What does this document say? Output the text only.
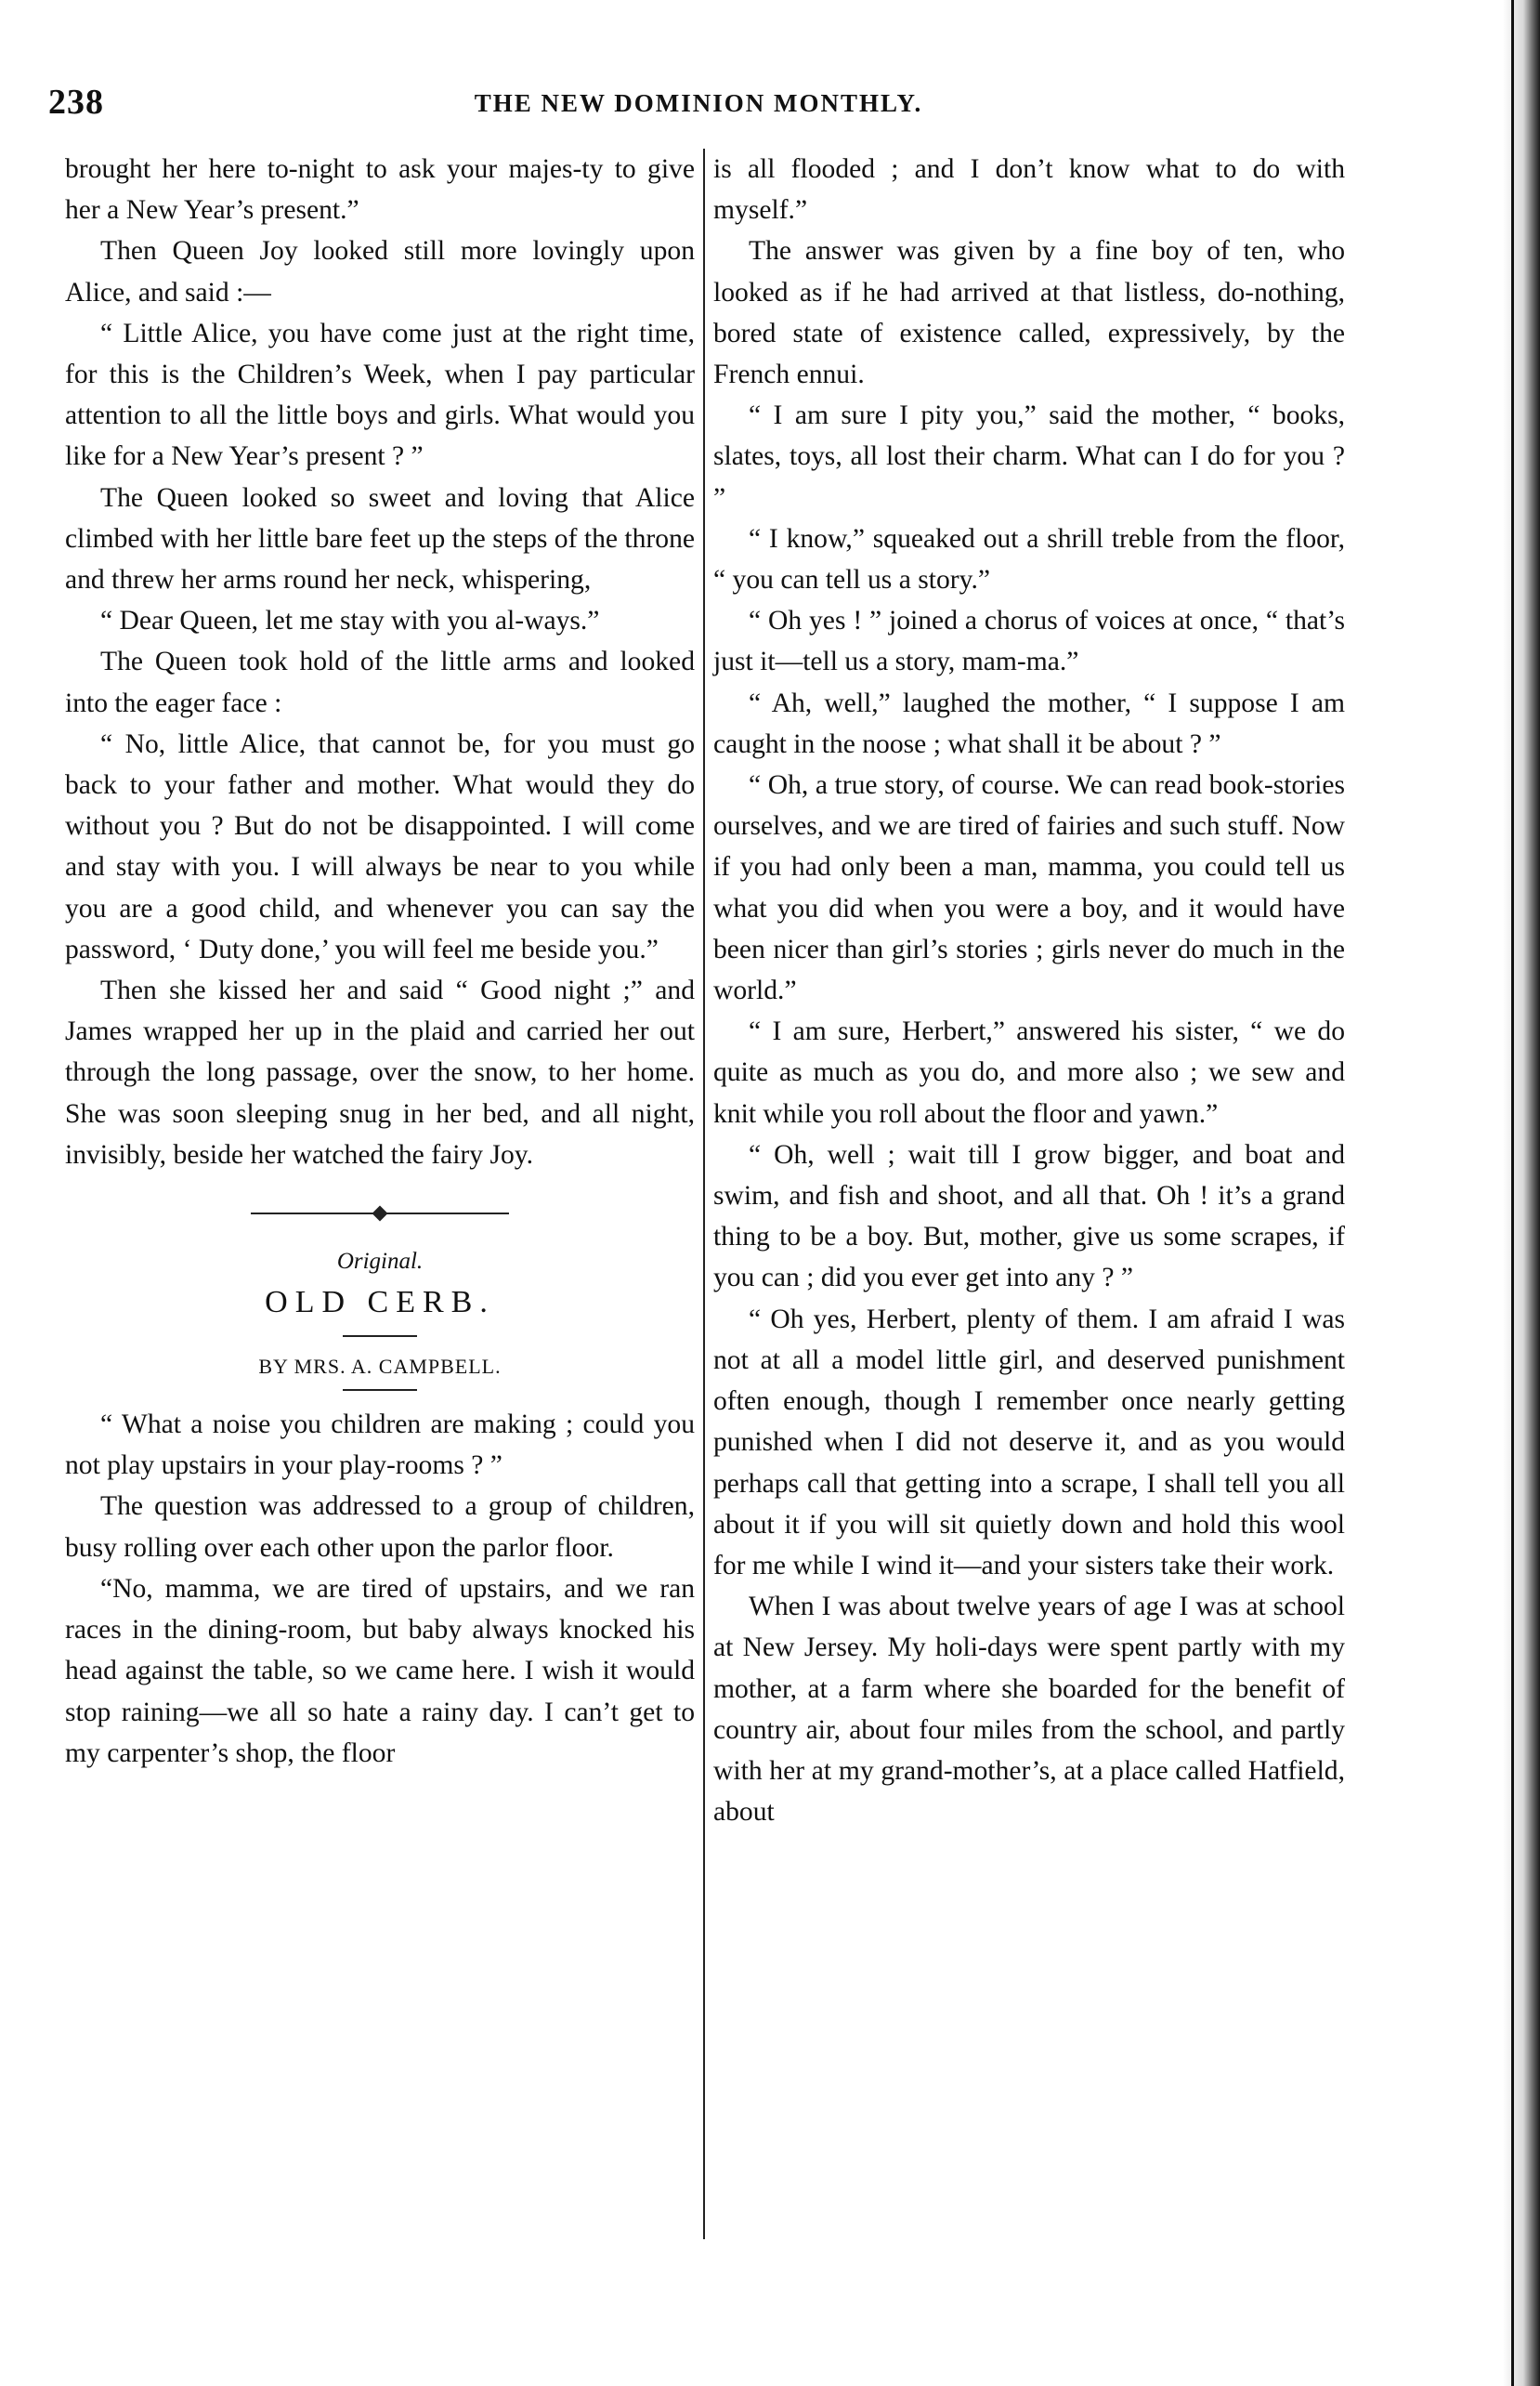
238	THE NEW DOMINION MONTHLY.

brought her here to-night to ask your majes-ty to give her a New Year’s present.”

Then Queen Joy looked still more lovingly upon Alice, and said :—

“ Little Alice, you have come just at the right time, for this is the Children’s Week, when I pay particular attention to all the little boys and girls. What would you like for a New Year’s present ? ”

The Queen looked so sweet and loving that Alice climbed with her little bare feet up the steps of the throne and threw her arms round her neck, whispering,

“ Dear Queen, let me stay with you al-ways.”

The Queen took hold of the little arms and looked into the eager face :

“ No, little Alice, that cannot be, for you must go back to your father and mother. What would they do without you ? But do not be disappointed. I will come and stay with you. I will always be near to you while you are a good child, and whenever you can say the password, ‘ Duty done,’ you will feel me beside you.”

Then she kissed her and said “ Good night ;” and James wrapped her up in the plaid and carried her out through the long passage, over the snow, to her home. She was soon sleeping snug in her bed, and all night, invisibly, beside her watched the fairy Joy.

Original.
OLD CERB.
BY MRS. A. CAMPBELL.

“ What a noise you children are making ; could you not play upstairs in your play-rooms ? ”

The question was addressed to a group of children, busy rolling over each other upon the parlor floor.

“No, mamma, we are tired of upstairs, and we ran races in the dining-room, but baby always knocked his head against the table, so we came here. I wish it would stop raining—we all so hate a rainy day. I can’t get to my carpenter’s shop, the floor

is all flooded ; and I don’t know what to do with myself.”

The answer was given by a fine boy of ten, who looked as if he had arrived at that listless, do-nothing, bored state of existence called, expressively, by the French ennui.

“ I am sure I pity you,” said the mother, “ books, slates, toys, all lost their charm. What can I do for you ? ”

“ I know,” squeaked out a shrill treble from the floor, “ you can tell us a story.”

“ Oh yes ! ” joined a chorus of voices at once, “ that’s just it—tell us a story, mam-ma.”

“ Ah, well,” laughed the mother, “ I suppose I am caught in the noose ; what shall it be about ? ”

“ Oh, a true story, of course. We can read book-stories ourselves, and we are tired of fairies and such stuff. Now if you had only been a man, mamma, you could tell us what you did when you were a boy, and it would have been nicer than girl’s stories ; girls never do much in the world.”

“ I am sure, Herbert,” answered his sister, “ we do quite as much as you do, and more also ; we sew and knit while you roll about the floor and yawn.”

“ Oh, well ; wait till I grow bigger, and boat and swim, and fish and shoot, and all that. Oh ! it’s a grand thing to be a boy. But, mother, give us some scrapes, if you can ; did you ever get into any ? ”

“ Oh yes, Herbert, plenty of them. I am afraid I was not at all a model little girl, and deserved punishment often enough, though I remember once nearly getting punished when I did not deserve it, and as you would perhaps call that getting into a scrape, I shall tell you all about it if you will sit quietly down and hold this wool for me while I wind it—and your sisters take their work.

When I was about twelve years of age I was at school at New Jersey. My holi-days were spent partly with my mother, at a farm where she boarded for the benefit of country air, about four miles from the school, and partly with her at my grand-mother’s, at a place called Hatfield, about
